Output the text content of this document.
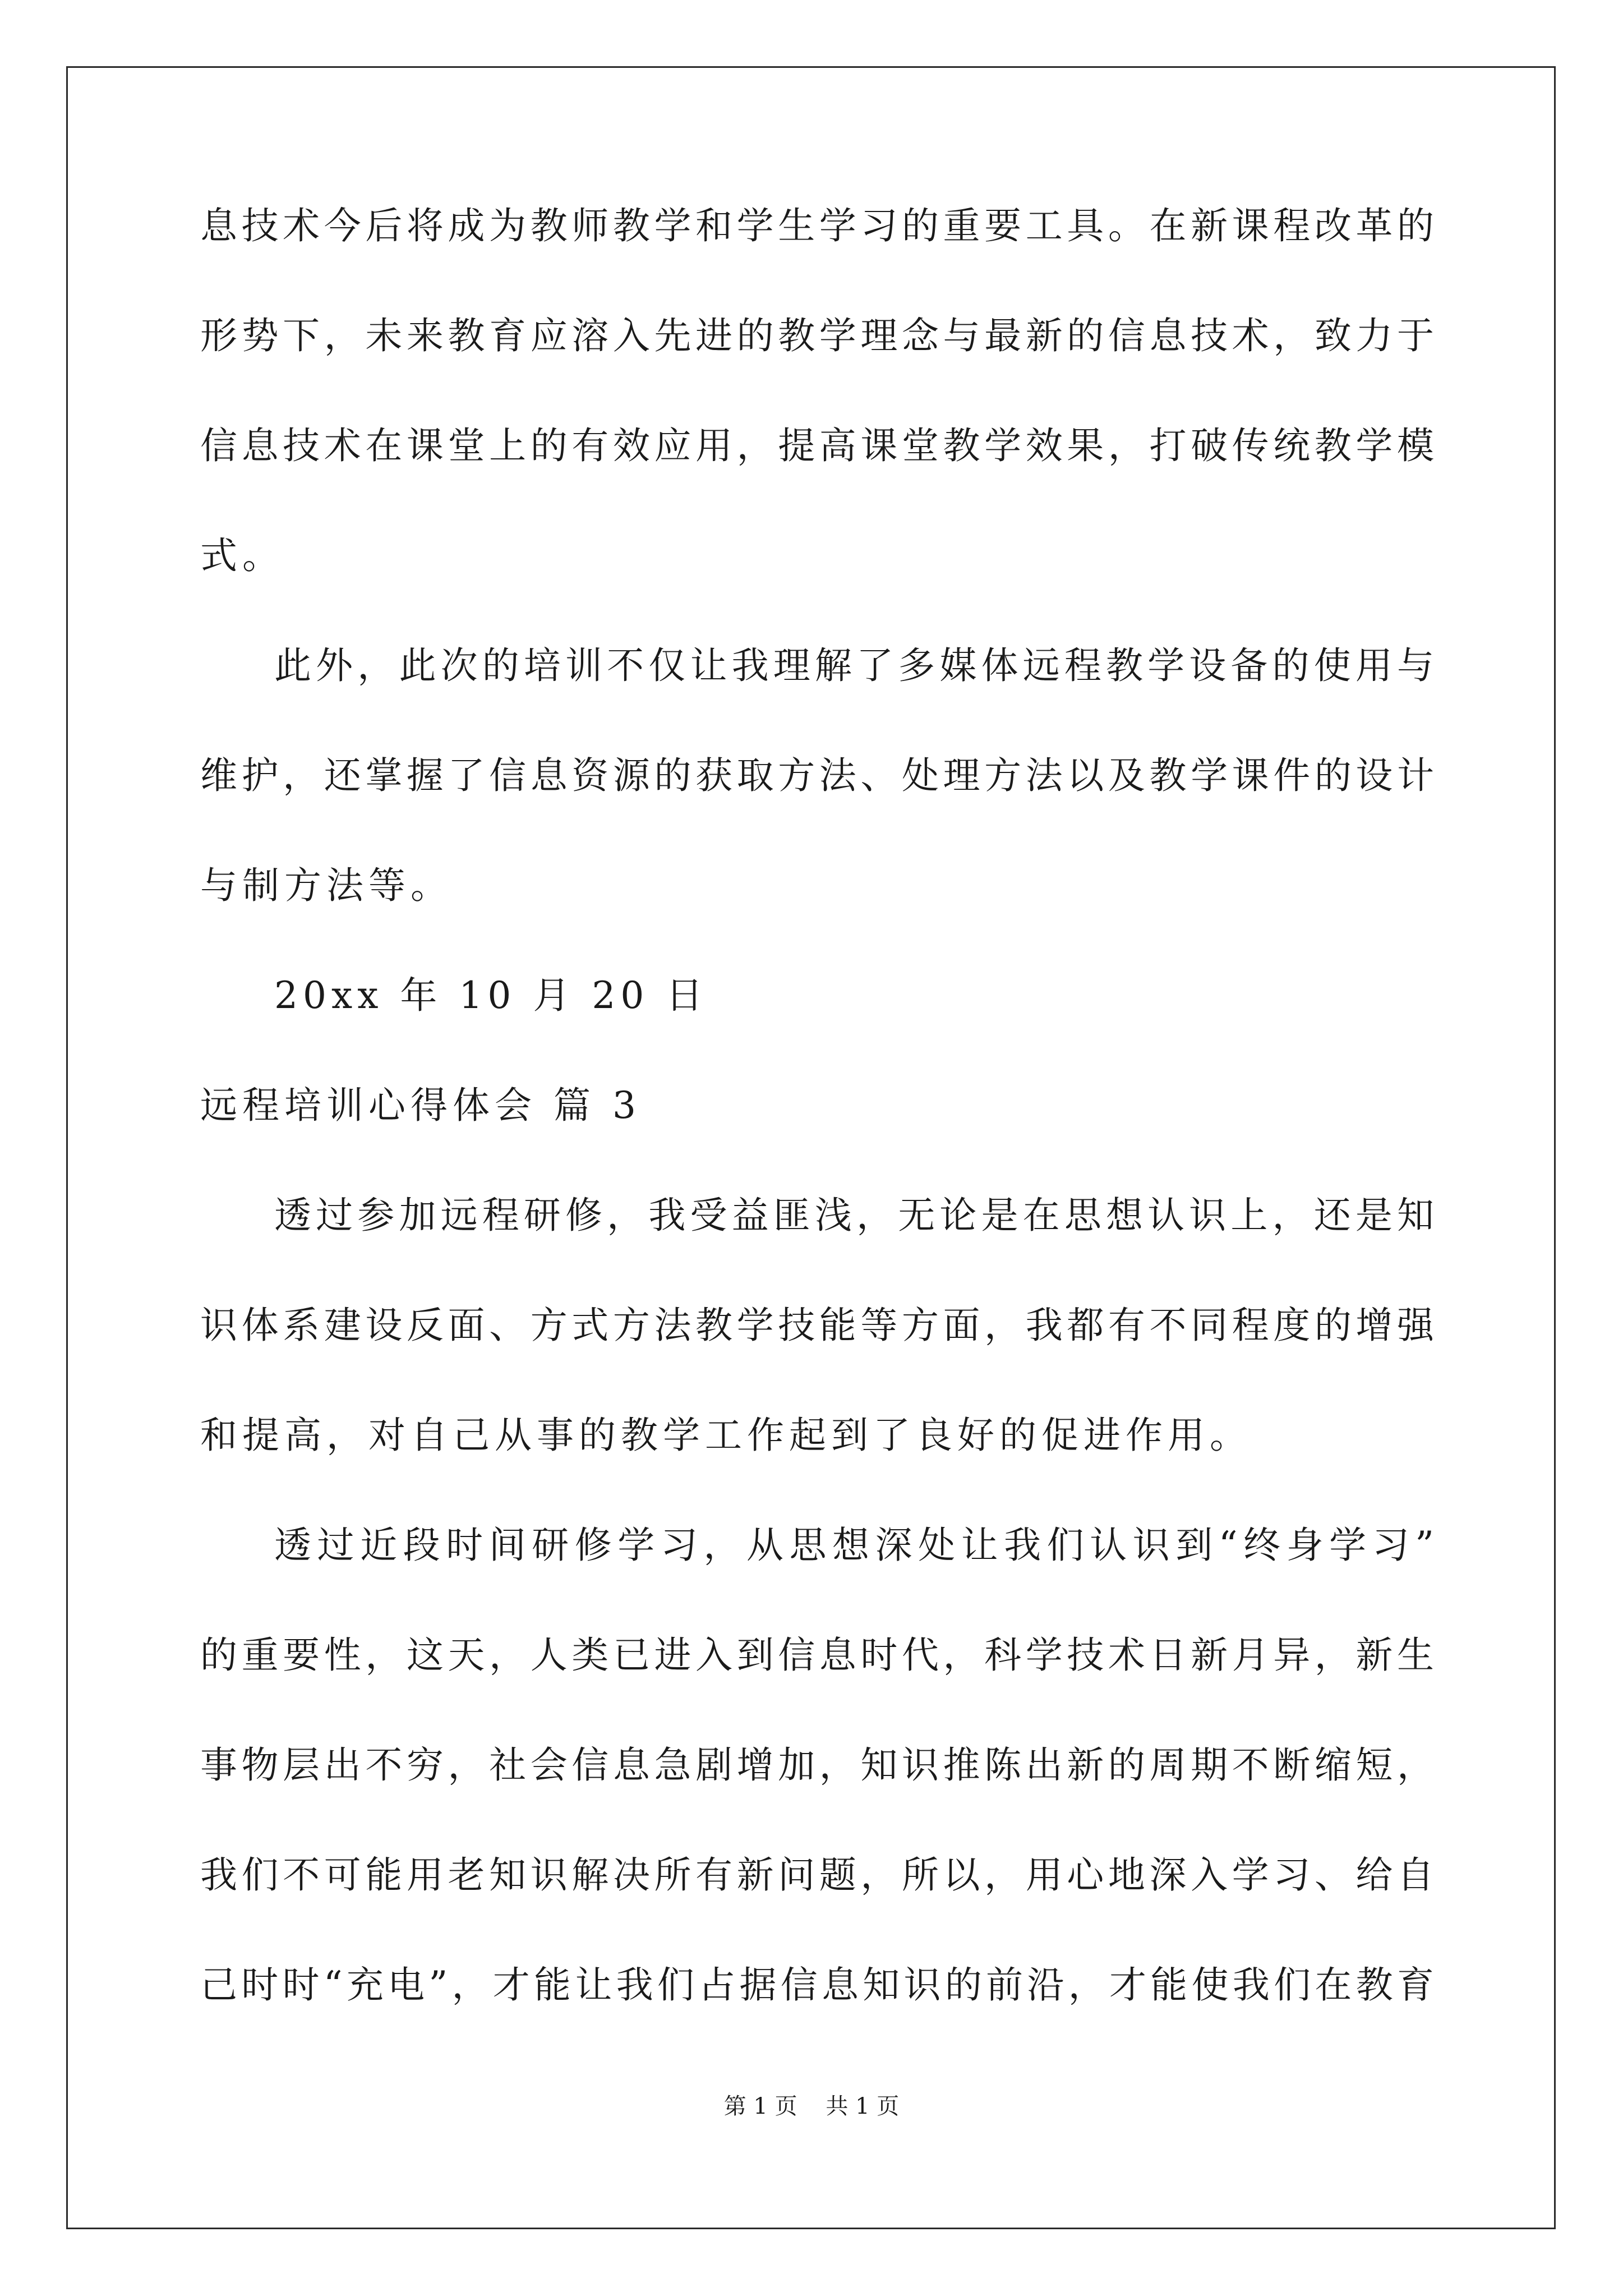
息技术今后将成为教师教学和学生学习的重要工具。在新课程改革的
形势下，未来教育应溶入先进的教学理念与最新的信息技术，致力于
信息技术在课堂上的有效应用，提高课堂教学效果，打破传统教学模
式。
此外，此次的培训不仅让我理解了多媒体远程教学设备的使用与
维护，还掌握了信息资源的获取方法、处理方法以及教学课件的设计
与制方法等。
20xx 年 10 月 20 日
远程培训心得体会 篇 3
透过参加远程研修，我受益匪浅，无论是在思想认识上，还是知
识体系建设反面、方式方法教学技能等方面，我都有不同程度的增强
和提高，对自己从事的教学工作起到了良好的促进作用。
透过近段时间研修学习，从思想深处让我们认识到“终身学习”
的重要性，这天，人类已进入到信息时代，科学技术日新月异，新生
事物层出不穷，社会信息急剧增加，知识推陈出新的周期不断缩短，
我们不可能用老知识解决所有新问题，所以，用心地深入学习、给自
己时时“充电”，才能让我们占据信息知识的前沿，才能使我们在教育
第 1 页    共 1 页
